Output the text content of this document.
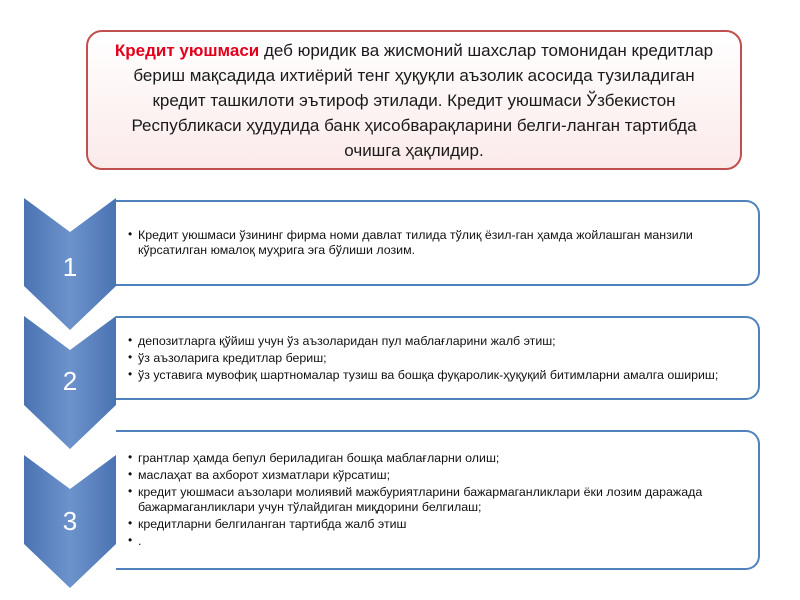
Кредит уюшмаси деб юридик ва жисмоний шахслар томонидан кредитлар бериш мақсадида ихтиёрий тенг ҳуқуқли аъзолик асосида тузиладиган кредит ташкилоти эътироф этилади. Кредит уюшмаси Ўзбекистон Республикаси ҳудудида банк ҳисобварақларини белги-ланган тартибда очишга ҳақлидир.
1
2
3
• Кредит уюшмаси ўзининг фирма номи давлат тилида тўлиқ ёзил-ган ҳамда жойлашган манзили кўрсатилган юмалоқ муҳрига эга бўлиши лозим.
• депозитларга қўйиш учун ўз аъзоларидан пул маблағларини жалб этиш;
• ўз аъзоларига кредитлар бериш;
• ўз уставига мувофиқ шартномалар тузиш ва бошқа фуқаролик-ҳуқуқий битимларни амалга ошириш;
• грантлар ҳамда бепул бериладиган бошқа маблағларни олиш;
• маслаҳат ва ахборот хизматлари кўрсатиш;
• кредит уюшмаси аъзолари молиявий мажбуриятларини бажармаганликлари ёки лозим даражада бажармаганликлари учун тўлайдиган миқдорини белгилаш;
• кредитларни белгиланган тартибда жалб этиш
• .
